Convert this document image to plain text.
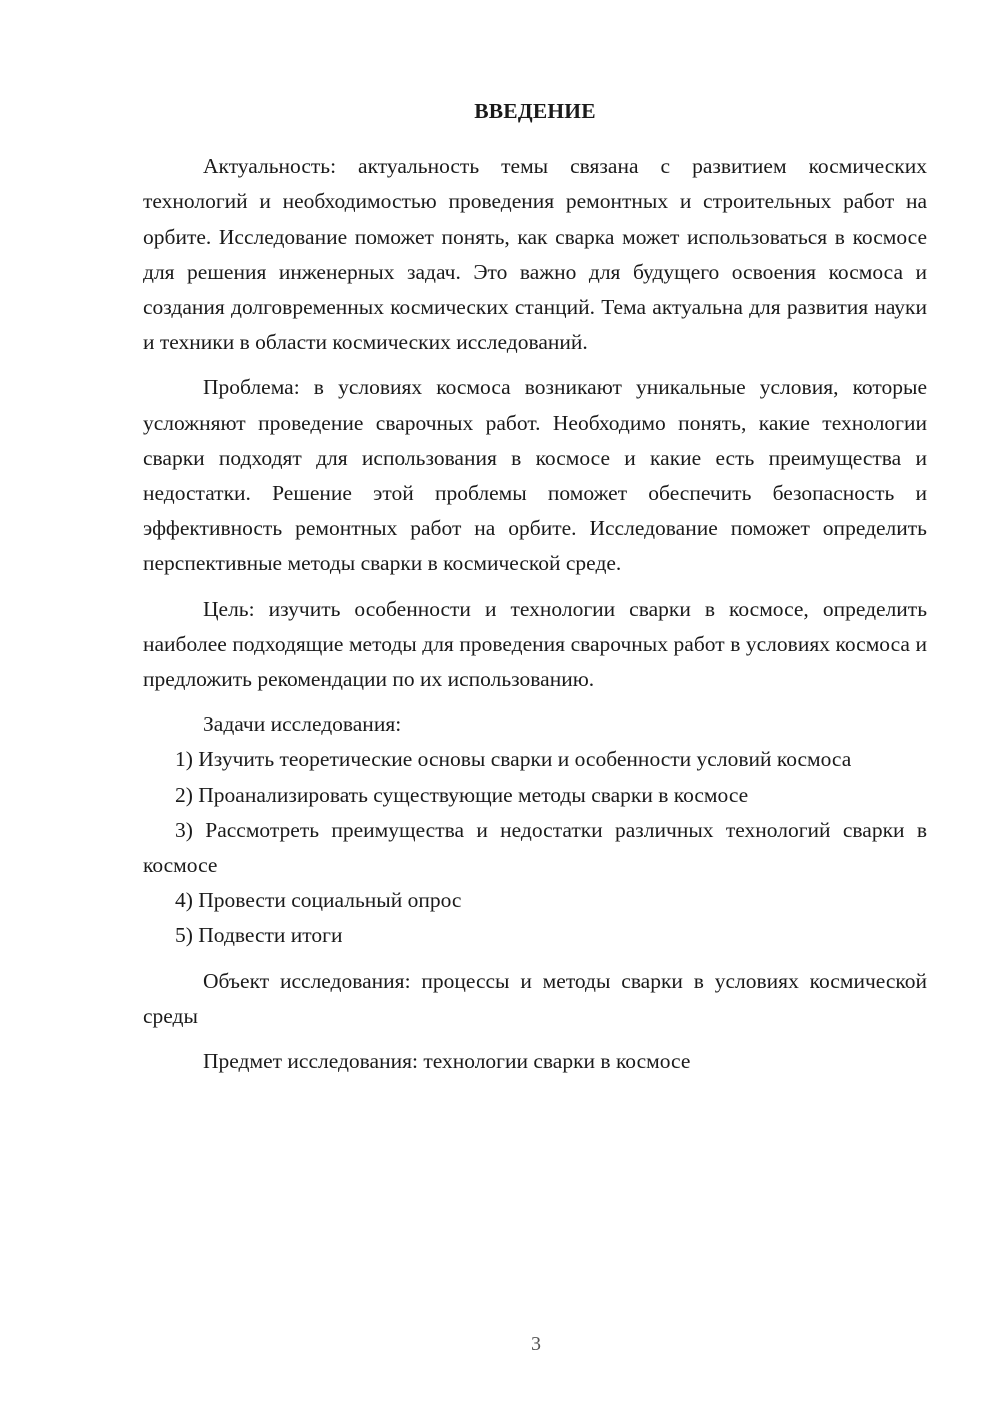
ВВЕДЕНИЕ

Актуальность: актуальность темы связана с развитием космических технологий и необходимостью проведения ремонтных и строительных работ на орбите. Исследование поможет понять, как сварка может использоваться в космосе для решения инженерных задач. Это важно для будущего освоения космоса и создания долговременных космических станций. Тема актуальна для развития науки и техники в области космических исследований.

Проблема: в условиях космоса возникают уникальные условия, которые усложняют проведение сварочных работ. Необходимо понять, какие технологии сварки подходят для использования в космосе и какие есть преимущества и недостатки. Решение этой проблемы поможет обеспечить безопасность и эффективность ремонтных работ на орбите. Исследование поможет определить перспективные методы сварки в космической среде.

Цель: изучить особенности и технологии сварки в космосе, определить наиболее подходящие методы для проведения сварочных работ в условиях космоса и предложить рекомендации по их использованию.

Задачи исследования:

1) Изучить теоретические основы сварки и особенности условий космоса

2) Проанализировать существующие методы сварки в космосе

3) Рассмотреть преимущества и недостатки различных технологий сварки в космосе

4) Провести социальный опрос

5) Подвести итоги

Объект исследования: процессы и методы сварки в условиях космической среды

Предмет исследования: технологии сварки в космосе

3
